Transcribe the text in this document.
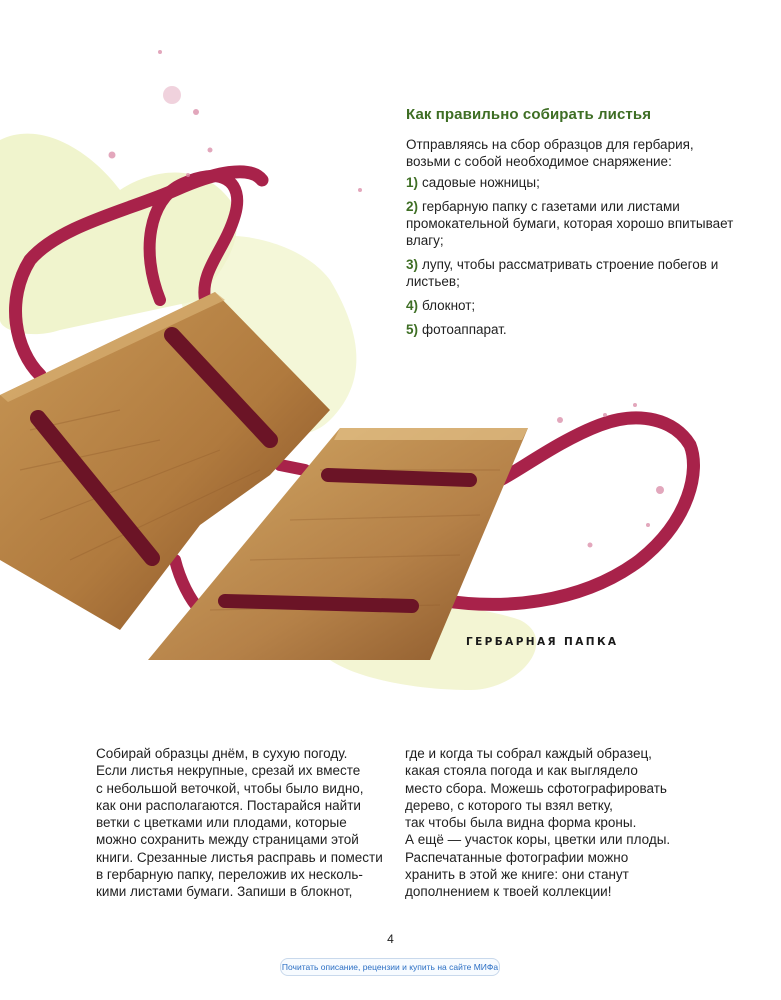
Как правильно собирать листья

Отправляясь на сбор образцов для гербария, возьми с собой необходимое снаряжение:

1) садовые ножницы;
2) гербарную папку с газетами или листами промокательной бумаги, которая хорошо впитывает влагу;
3) лупу, чтобы рассматривать строение побегов и листьев;
4) блокнот;
5) фотоаппарат.
ГЕРБАРНАЯ ПАПКА
Собирай образцы днём, в сухую погоду.
Если листья некрупные, срезай их вместе
с небольшой веточкой, чтобы было видно,
как они располагаются. Постарайся найти
ветки с цветками или плодами, которые
можно сохранить между страницами этой
книги. Срезанные листья расправь и помести
в гербарную папку, переложив их несколь-
кими листами бумаги. Запиши в блокнот,
где и когда ты собрал каждый образец,
какая стояла погода и как выглядело
место сбора. Можешь сфотографировать
дерево, с которого ты взял ветку,
так чтобы была видна форма кроны.
А ещё — участок коры, цветки или плоды.
Распечатанные фотографии можно
хранить в этой же книге: они станут
дополнением к твоей коллекции!
4
Почитать описание, рецензии и купить на сайте МИФа
